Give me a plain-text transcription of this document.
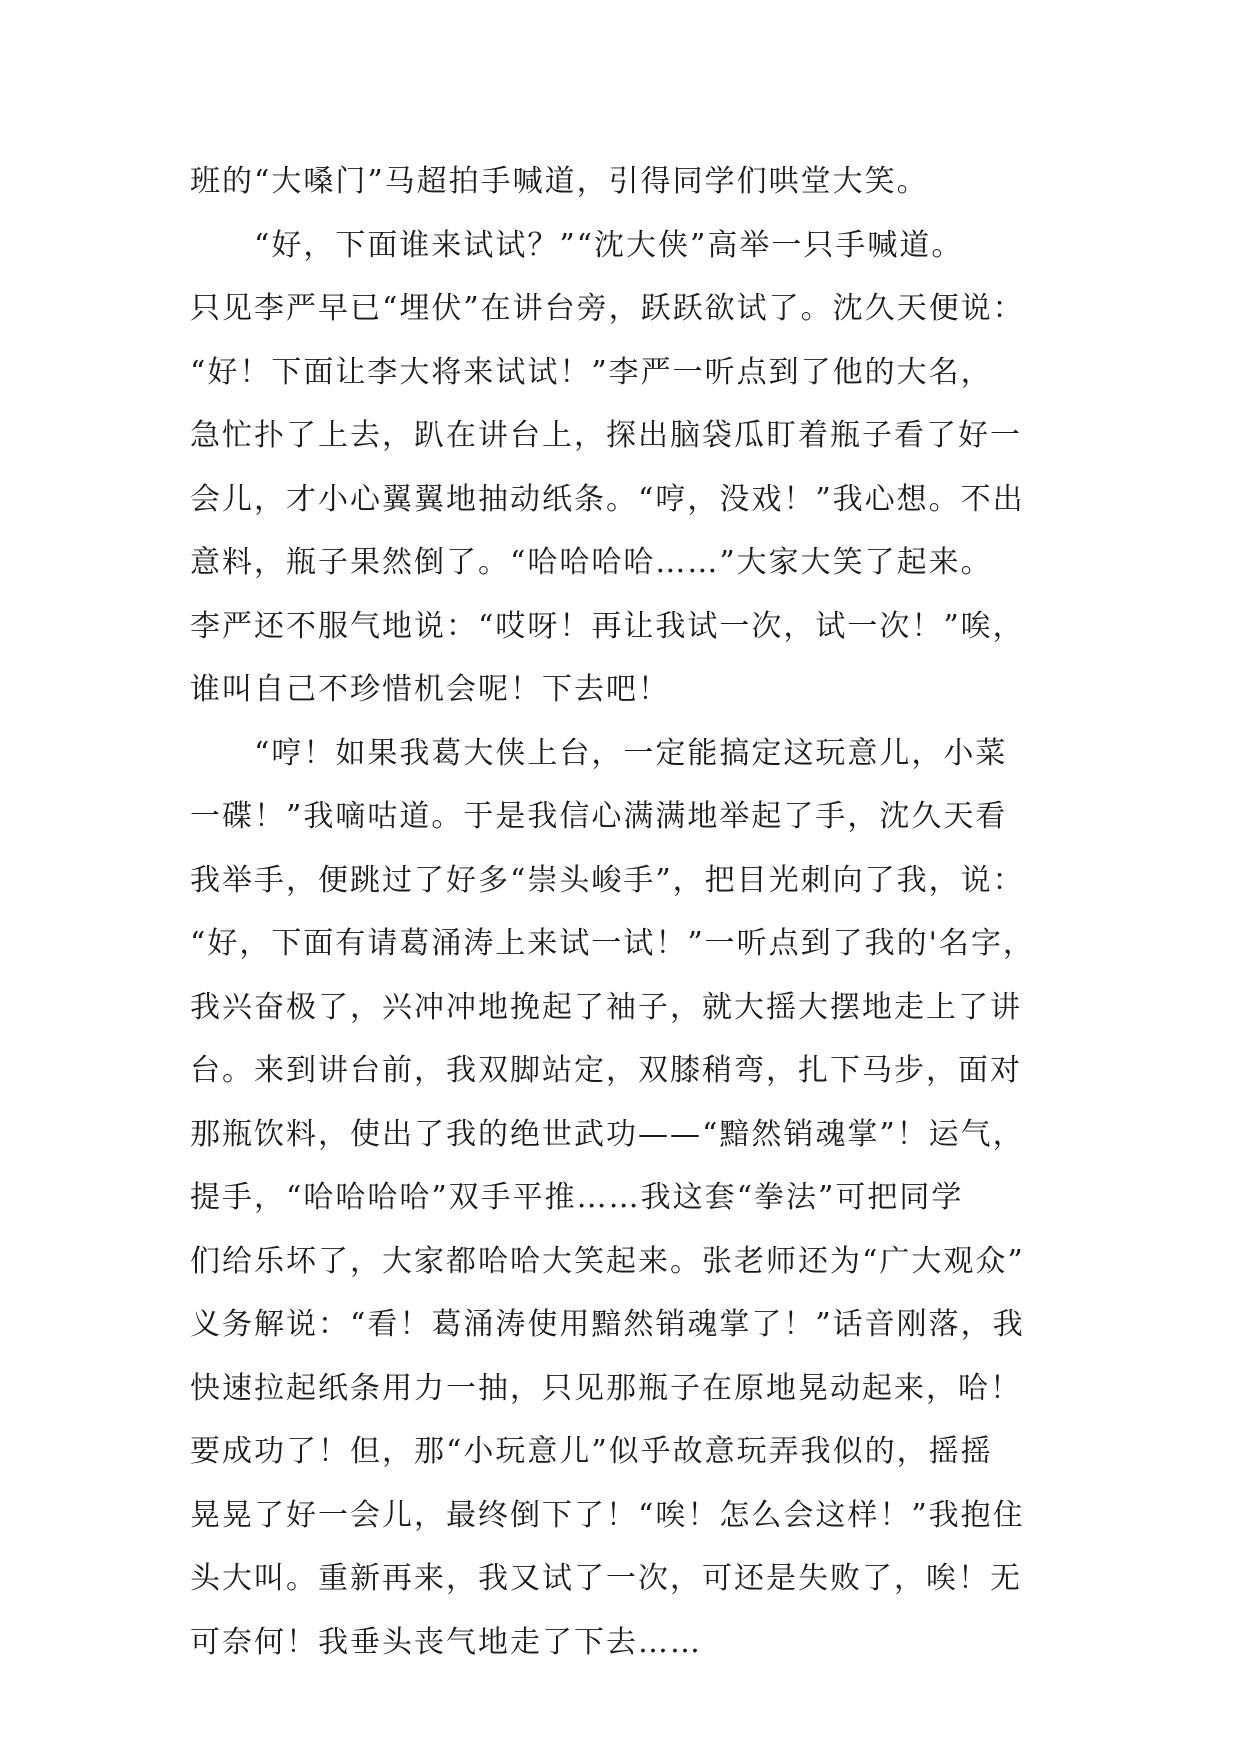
班的“大嗓门”马超拍手喊道，引得同学们哄堂大笑。
　　“好，下面谁来试试？”“沈大侠”高举一只手喊道。
只见李严早已“埋伏”在讲台旁，跃跃欲试了。沈久天便说：
“好！下面让李大将来试试！”李严一听点到了他的大名，
急忙扑了上去，趴在讲台上，探出脑袋瓜盯着瓶子看了好一
会儿，才小心翼翼地抽动纸条。“哼，没戏！”我心想。不出
意料，瓶子果然倒了。“哈哈哈哈……”大家大笑了起来。
李严还不服气地说：“哎呀！再让我试一次，试一次！”唉，
谁叫自己不珍惜机会呢！下去吧！
　　“哼！如果我葛大侠上台，一定能搞定这玩意儿，小菜
一碟！”我嘀咕道。于是我信心满满地举起了手，沈久天看
我举手，便跳过了好多“崇头峻手”，把目光刺向了我，说：
“好，下面有请葛涌涛上来试一试！”一听点到了我的'名字，
我兴奋极了，兴冲冲地挽起了袖子，就大摇大摆地走上了讲
台。来到讲台前，我双脚站定，双膝稍弯，扎下马步，面对
那瓶饮料，使出了我的绝世武功——“黯然销魂掌”！运气，
提手，“哈哈哈哈”双手平推……我这套“拳法”可把同学
们给乐坏了，大家都哈哈大笑起来。张老师还为“广大观众”
义务解说：“看！葛涌涛使用黯然销魂掌了！”话音刚落，我
快速拉起纸条用力一抽，只见那瓶子在原地晃动起来，哈！
要成功了！但，那“小玩意儿”似乎故意玩弄我似的，摇摇
晃晃了好一会儿，最终倒下了！“唉！怎么会这样！”我抱住
头大叫。重新再来，我又试了一次，可还是失败了，唉！无
可奈何！我垂头丧气地走了下去……
